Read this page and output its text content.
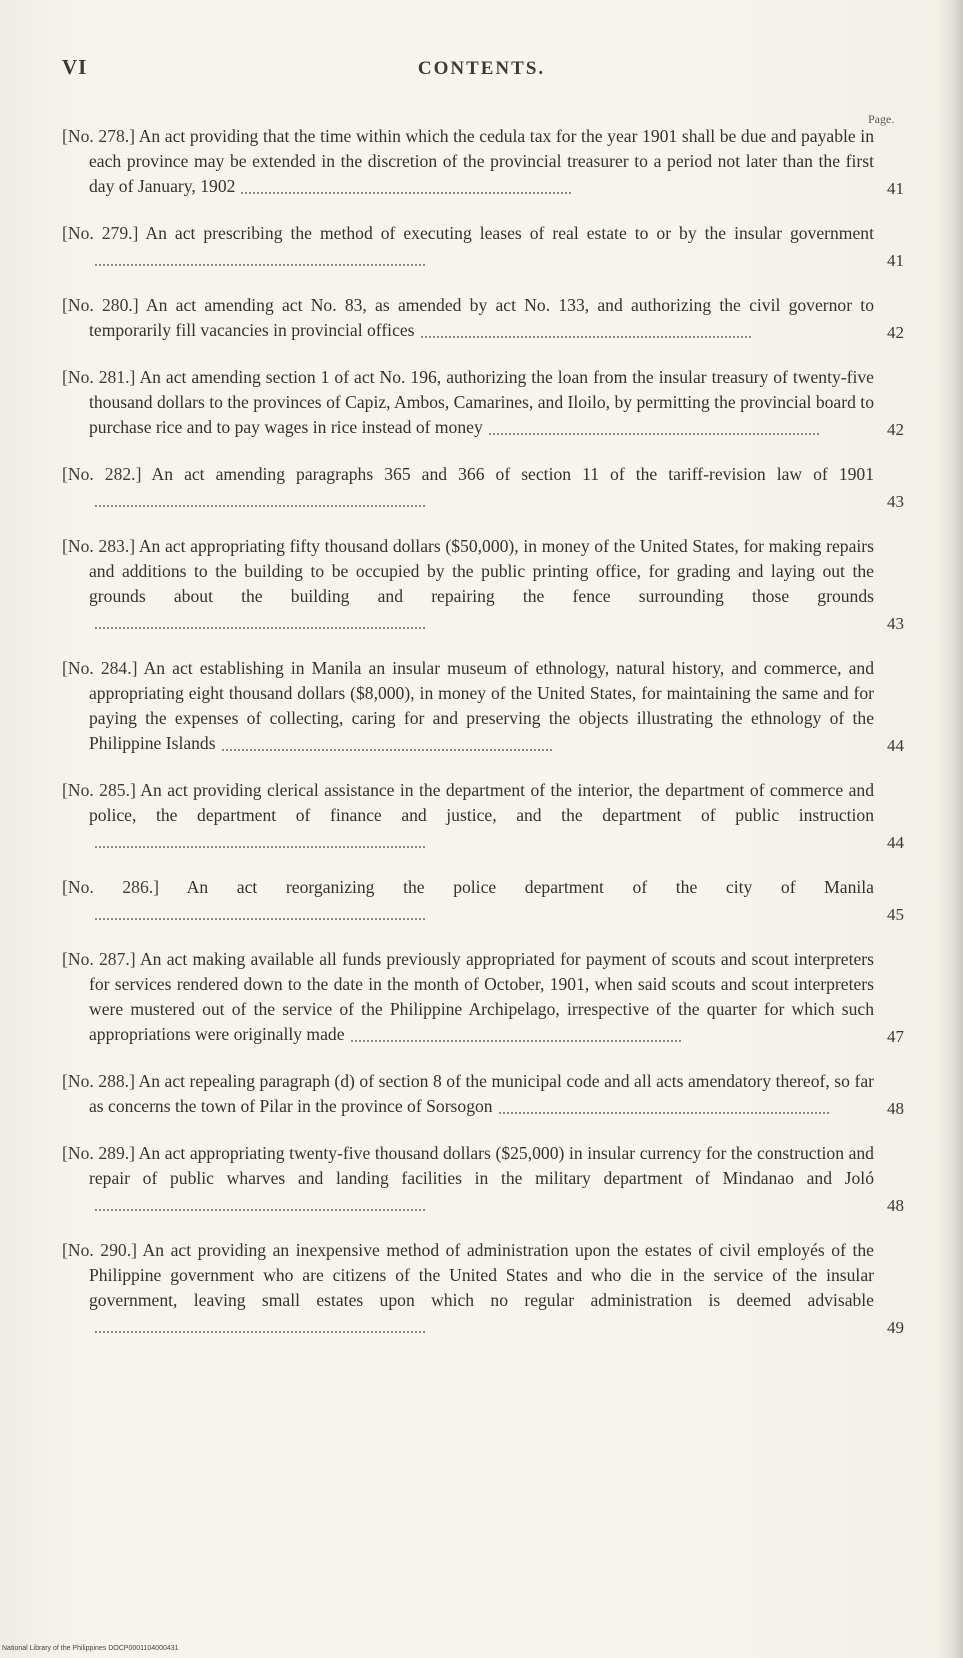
VI	CONTENTS.
Page.
[No. 278.] An act providing that the time within which the cedula tax for the year 1901 shall be due and payable in each province may be extended in the discretion of the provincial treasurer to a period not later than the first day of January, 1902	41
[No. 279.] An act prescribing the method of executing leases of real estate to or by the insular government
41
[No. 280.] An act amending act No. 83, as amended by act No. 133, and authorizing the civil governor to temporarily fill vacancies in provincial offices	42
[No. 281.] An act amending section 1 of act No. 196, authorizing the loan from the insular treasury of twenty-five thousand dollars to the provinces of Capiz, Ambos, Camarines, and Iloilo, by permitting the provincial board to purchase rice and to pay wages in rice instead of money	42
[No. 282.] An act amending paragraphs 365 and 366 of section 11 of the tariff-revision law of 1901
43
[No. 283.] An act appropriating fifty thousand dollars ($50,000), in money of the United States, for making repairs and additions to the building to be occupied by the public printing office, for grading and laying out the grounds about the building and repairing the fence surrounding those grounds
43
[No. 284.] An act establishing in Manila an insular museum of ethnology, natural history, and commerce, and appropriating eight thousand dollars ($8,000), in money of the United States, for maintaining the same and for paying the expenses of collecting, caring for and preserving the objects illustrating the ethnology of the Philippine Islands	44
[No. 285.] An act providing clerical assistance in the department of the interior, the department of commerce and police, the department of finance and justice, and the department of public instruction
44
[No. 286.] An act reorganizing the police department of the city of Manila
45
[No. 287.] An act making available all funds previously appropriated for payment of scouts and scout interpreters for services rendered down to the date in the month of October, 1901, when said scouts and scout interpreters were mustered out of the service of the Philippine Archipelago, irrespective of the quarter for which such appropriations were originally made	47
[No. 288.] An act repealing paragraph (d) of section 8 of the municipal code and all acts amendatory thereof, so far as concerns the town of Pilar in the province of Sorsogon	48
[No. 289.] An act appropriating twenty-five thousand dollars ($25,000) in insular currency for the construction and repair of public wharves and landing facilities in the military department of Mindanao and Joló
48
[No. 290.] An act providing an inexpensive method of administration upon the estates of civil employés of the Philippine government who are citizens of the United States and who die in the service of the insular government, leaving small estates upon which no regular administration is deemed advisable
49
National Library of the Philippines DOCP0001104000431
